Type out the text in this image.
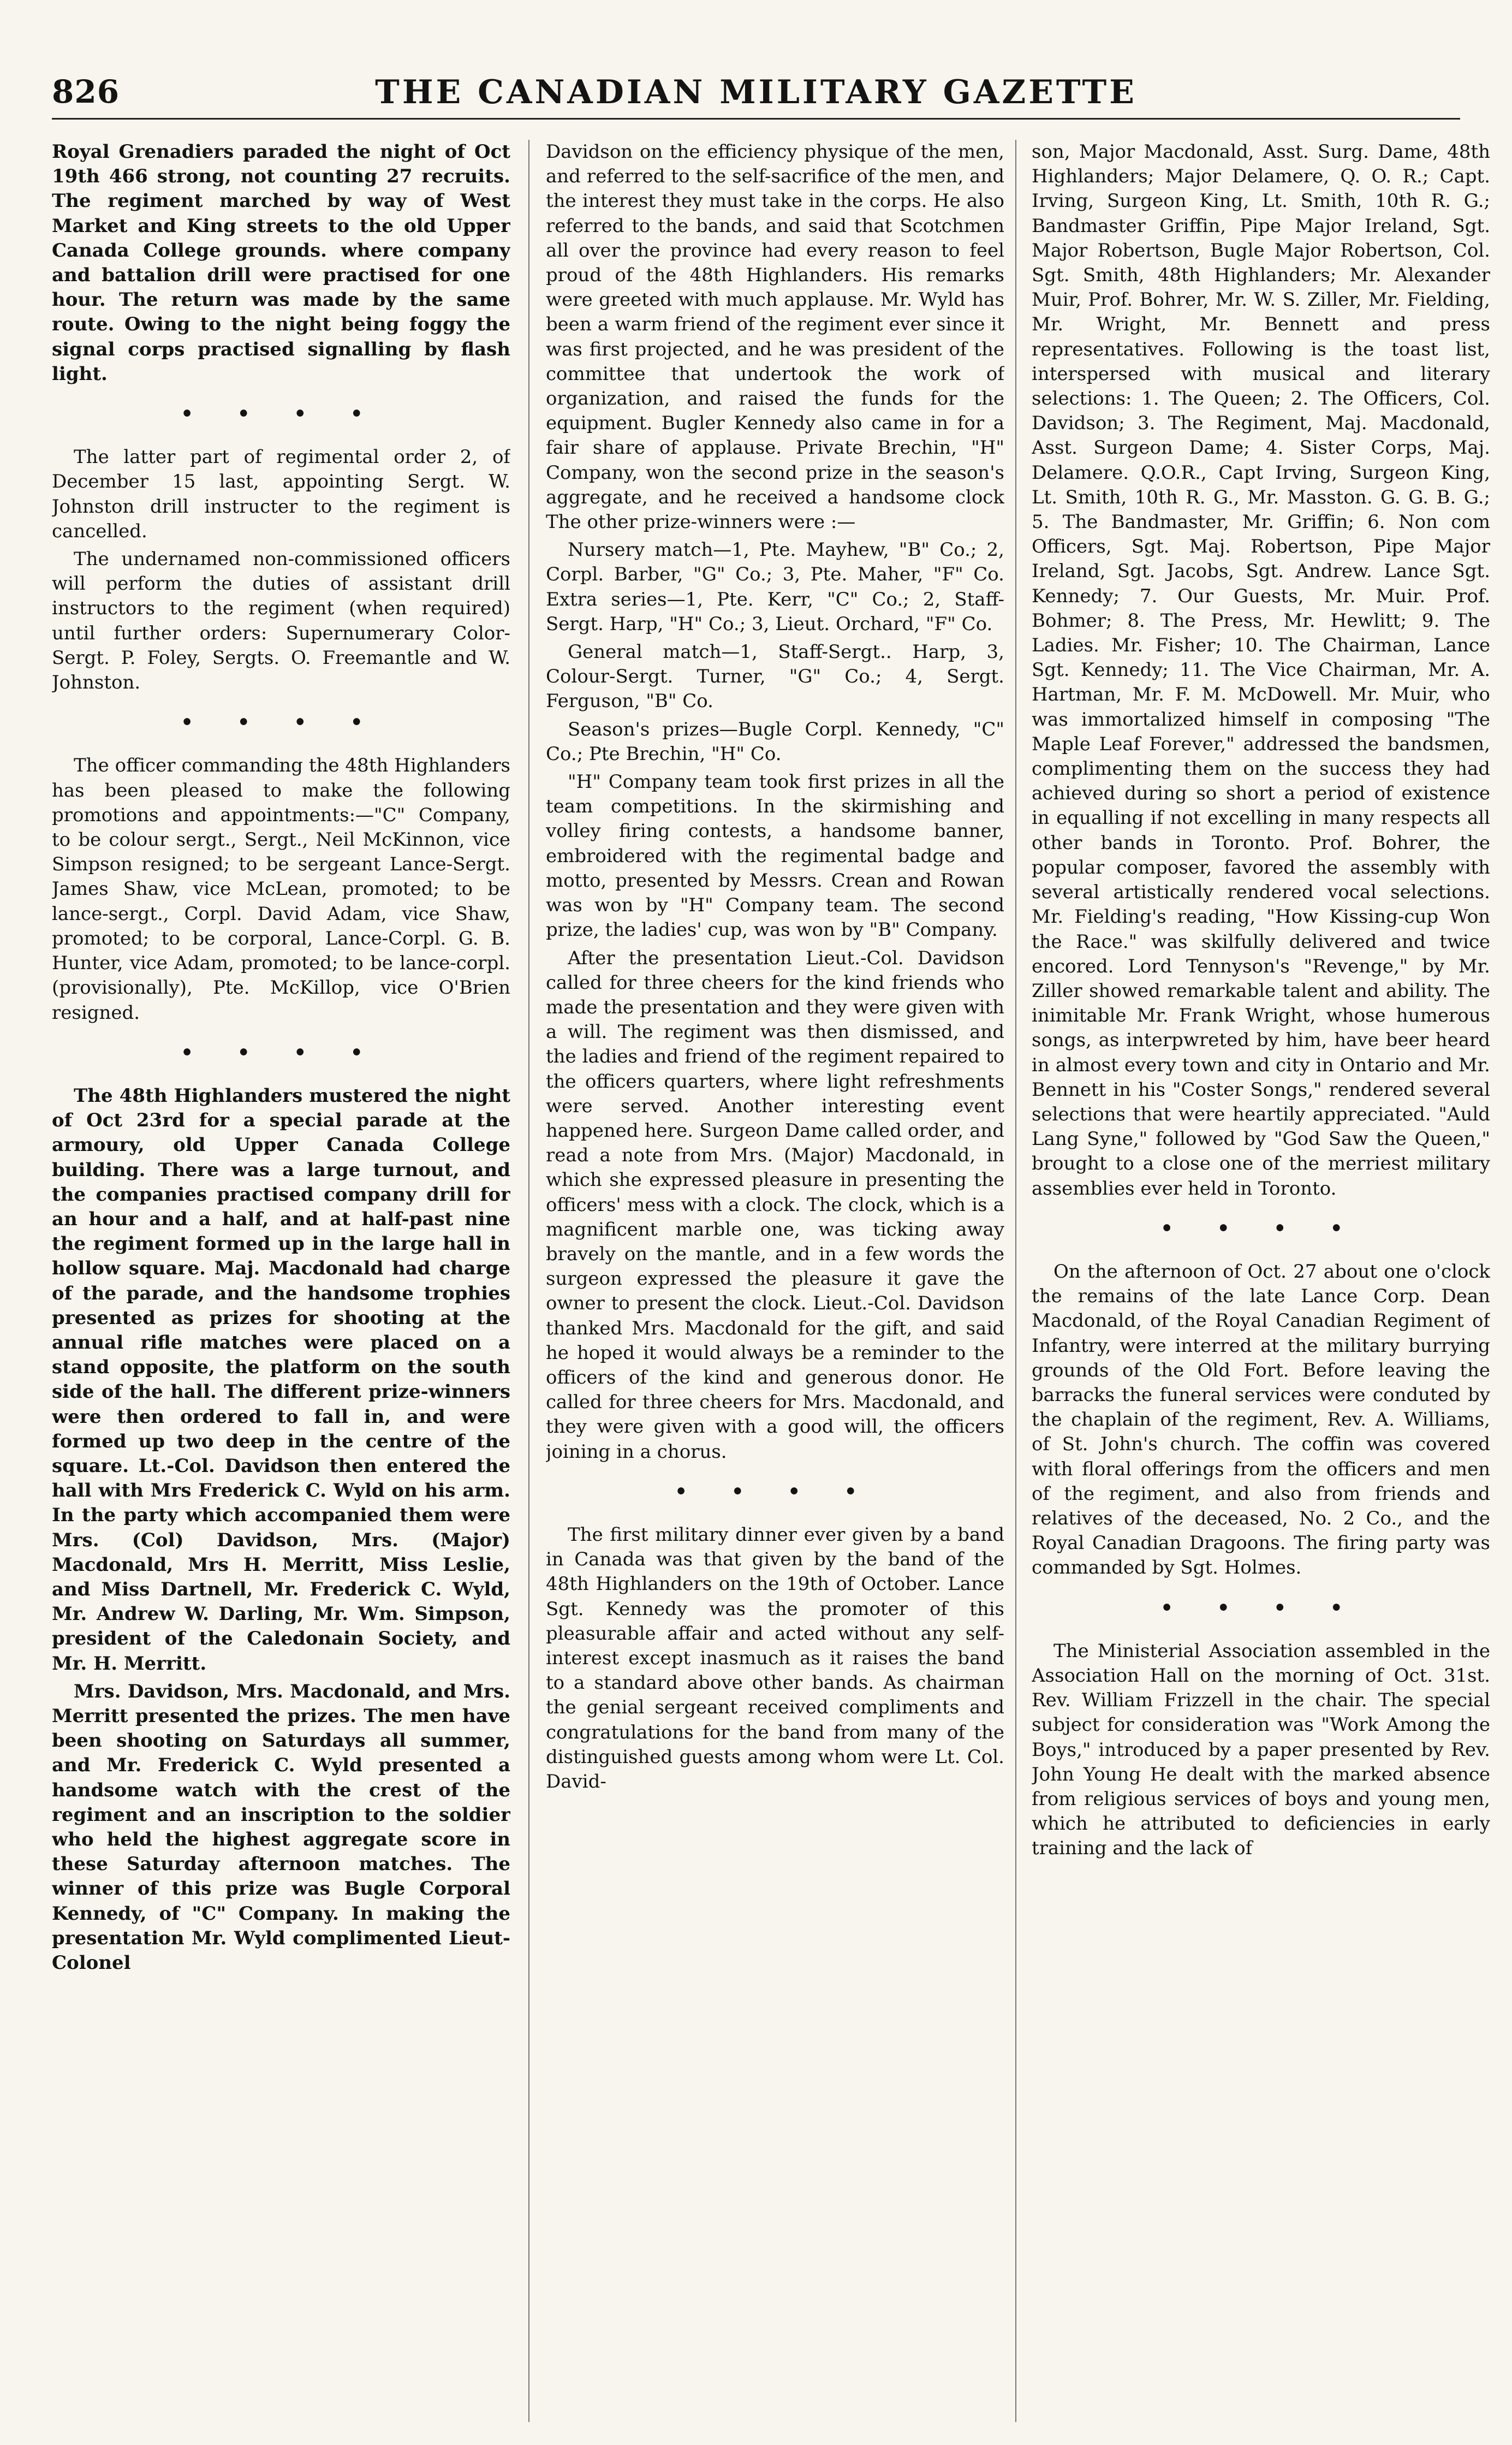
826	THE CANADIAN MILITARY GAZETTE

Royal Grenadiers paraded the night of Oct 19th 466 strong, not counting 27 recruits. The regiment marched by way of West Market and King streets to the old Upper Canada College grounds. where company and battalion drill were practised for one hour. The return was made by the same route. Owing to the night being foggy the signal corps practised signalling by flash light.

• • • •

The latter part of regimental order 2, of December 15 last, appointing Sergt. W. Johnston drill instructer to the regiment is cancelled.

The undernamed non-commissioned officers will perform the duties of assistant drill instructors to the regiment (when required) until further orders: Supernumerary Color-Sergt. P. Foley, Sergts. O. Freemantle and W. Johnston.

• • • •

The officer commanding the 48th Highlanders has been pleased to make the following promotions and appointments:—"C" Company, to be colour sergt., Sergt., Neil McKinnon, vice Simpson resigned; to be sergeant Lance-Sergt. James Shaw, vice McLean, promoted; to be lance-sergt., Corpl. David Adam, vice Shaw, promoted; to be corporal, Lance-Corpl. G. B. Hunter, vice Adam, promoted; to be lance-corpl. (provisionally), Pte. McKillop, vice O'Brien resigned.

• • • •

The 48th Highlanders mustered the night of Oct 23rd for a special parade at the armoury, old Upper Canada College building. There was a large turnout, and the companies practised company drill for an hour and a half, and at half-past nine the regiment formed up in the large hall in hollow square. Maj. Macdonald had charge of the parade, and the handsome trophies presented as prizes for shooting at the annual rifle matches were placed on a stand opposite, the platform on the south side of the hall. The different prize-winners were then ordered to fall in, and were formed up two deep in the centre of the square. Lt.-Col. Davidson then entered the hall with Mrs Frederick C. Wyld on his arm. In the party which accompanied them were Mrs. (Col) Davidson, Mrs. (Major) Macdonald, Mrs H. Merritt, Miss Leslie, and Miss Dartnell, Mr. Frederick C. Wyld, Mr. Andrew W. Darling, Mr. Wm. Simpson, president of the Caledonain Society, and Mr. H. Merritt.

Mrs. Davidson, Mrs. Macdonald, and Mrs. Merritt presented the prizes. The men have been shooting on Saturdays all summer, and Mr. Frederick C. Wyld presented a handsome watch with the crest of the regiment and an inscription to the soldier who held the highest aggregate score in these Saturday afternoon matches. The winner of this prize was Bugle Corporal Kennedy, of "C" Company. In making the presentation Mr. Wyld complimented Lieut-Colonel

Davidson on the efficiency physique of the men, and referred to the self-sacrifice of the men, and the interest they must take in the corps. He also referred to the bands, and said that Scotchmen all over the province had every reason to feel proud of the 48th Highlanders. His remarks were greeted with much applause. Mr. Wyld has been a warm friend of the regiment ever since it was first projected, and he was president of the committee that undertook the work of organization, and raised the funds for the equipment. Bugler Kennedy also came in for a fair share of applause. Private Brechin, "H" Company, won the second prize in the season's aggregate, and he received a handsome clock The other prize-winners were :—

Nursery match—1, Pte. Mayhew, "B" Co.; 2, Corpl. Barber, "G" Co.; 3, Pte. Maher, "F" Co. Extra series—1, Pte. Kerr, "C" Co.; 2, Staff-Sergt. Harp, "H" Co.; 3, Lieut. Orchard, "F" Co.

General match—1, Staff-Sergt.. Harp, 3, Colour-Sergt. Turner, "G" Co.; 4, Sergt. Ferguson, "B" Co.

Season's prizes—Bugle Corpl. Kennedy, "C" Co.; Pte Brechin, "H" Co.

"H" Company team took first prizes in all the team competitions. In the skirmishing and volley firing contests, a handsome banner, embroidered with the regimental badge and motto, presented by Messrs. Crean and Rowan was won by "H" Company team. The second prize, the ladies' cup, was won by "B" Company.

After the presentation Lieut.-Col. Davidson called for three cheers for the kind friends who made the presentation and they were given with a will. The regiment was then dismissed, and the ladies and friend of the regiment repaired to the officers quarters, where light refreshments were served. Another interesting event happened here. Surgeon Dame called order, and read a note from Mrs. (Major) Macdonald, in which she expressed pleasure in presenting the officers' mess with a clock. The clock, which is a magnificent marble one, was ticking away bravely on the mantle, and in a few words the surgeon expressed the pleasure it gave the owner to present the clock. Lieut.-Col. Davidson thanked Mrs. Macdonald for the gift, and said he hoped it would always be a reminder to the officers of the kind and generous donor. He called for three cheers for Mrs. Macdonald, and they were given with a good will, the officers joining in a chorus.

• • • •

The first military dinner ever given by a band in Canada was that given by the band of the 48th Highlanders on the 19th of October. Lance Sgt. Kennedy was the promoter of this pleasurable affair and acted without any self-interest except inasmuch as it raises the band to a standard above other bands. As chairman the genial sergeant received compliments and congratulations for the band from many of the distinguished guests among whom were Lt. Col. David-

son, Major Macdonald, Asst. Surg. Dame, 48th Highlanders; Major Delamere, Q. O. R.; Capt. Irving, Surgeon King, Lt. Smith, 10th R. G.; Bandmaster Griffin, Pipe Major Ireland, Sgt. Major Robertson, Bugle Major Robertson, Col. Sgt. Smith, 48th Highlanders; Mr. Alexander Muir, Prof. Bohrer, Mr. W. S. Ziller, Mr. Fielding, Mr. Wright, Mr. Bennett and press representatives. Following is the toast list, interspersed with musical and literary selections: 1. The Queen; 2. The Officers, Col. Davidson; 3. The Regiment, Maj. Macdonald, Asst. Surgeon Dame; 4. Sister Corps, Maj. Delamere. Q.O.R., Capt Irving, Surgeon King, Lt. Smith, 10th R. G., Mr. Masston. G. G. B. G.; 5. The Bandmaster, Mr. Griffin; 6. Non com Officers, Sgt. Maj. Robertson, Pipe Major Ireland, Sgt. Jacobs, Sgt. Andrew. Lance Sgt. Kennedy; 7. Our Guests, Mr. Muir. Prof. Bohmer; 8. The Press, Mr. Hewlitt; 9. The Ladies. Mr. Fisher; 10. The Chairman, Lance Sgt. Kennedy; 11. The Vice Chairman, Mr. A. Hartman, Mr. F. M. McDowell. Mr. Muir, who was immortalized himself in composing "The Maple Leaf Forever," addressed the bandsmen, complimenting them on the success they had achieved during so short a period of existence in equalling if not excelling in many respects all other bands in Toronto. Prof. Bohrer, the popular composer, favored the assembly with several artistically rendered vocal selections. Mr. Fielding's reading, "How Kissing-cup Won the Race." was skilfully delivered and twice encored. Lord Tennyson's "Revenge," by Mr. Ziller showed remarkable talent and ability. The inimitable Mr. Frank Wright, whose humerous songs, as interpwreted by him, have beer heard in almost every town and city in Ontario and Mr. Bennett in his "Coster Songs," rendered several selections that were heartily appreciated. "Auld Lang Syne," followed by "God Saw the Queen," brought to a close one of the merriest military assemblies ever held in Toronto.

• • • •

On the afternoon of Oct. 27 about one o'clock the remains of the late Lance Corp. Dean Macdonald, of the Royal Canadian Regiment of Infantry, were interred at the military burrying grounds of the Old Fort. Before leaving the barracks the funeral services were conduted by the chaplain of the regiment, Rev. A. Williams, of St. John's church. The coffin was covered with floral offerings from the officers and men of the regiment, and also from friends and relatives of the deceased, No. 2 Co., and the Royal Canadian Dragoons. The firing party was commanded by Sgt. Holmes.

• • • •

The Ministerial Association assembled in the Association Hall on the morning of Oct. 31st. Rev. William Frizzell in the chair. The special subject for consideration was "Work Among the Boys," introduced by a paper presented by Rev. John Young He dealt with the marked absence from religious services of boys and young men, which he attributed to deficiencies in early training and the lack of
